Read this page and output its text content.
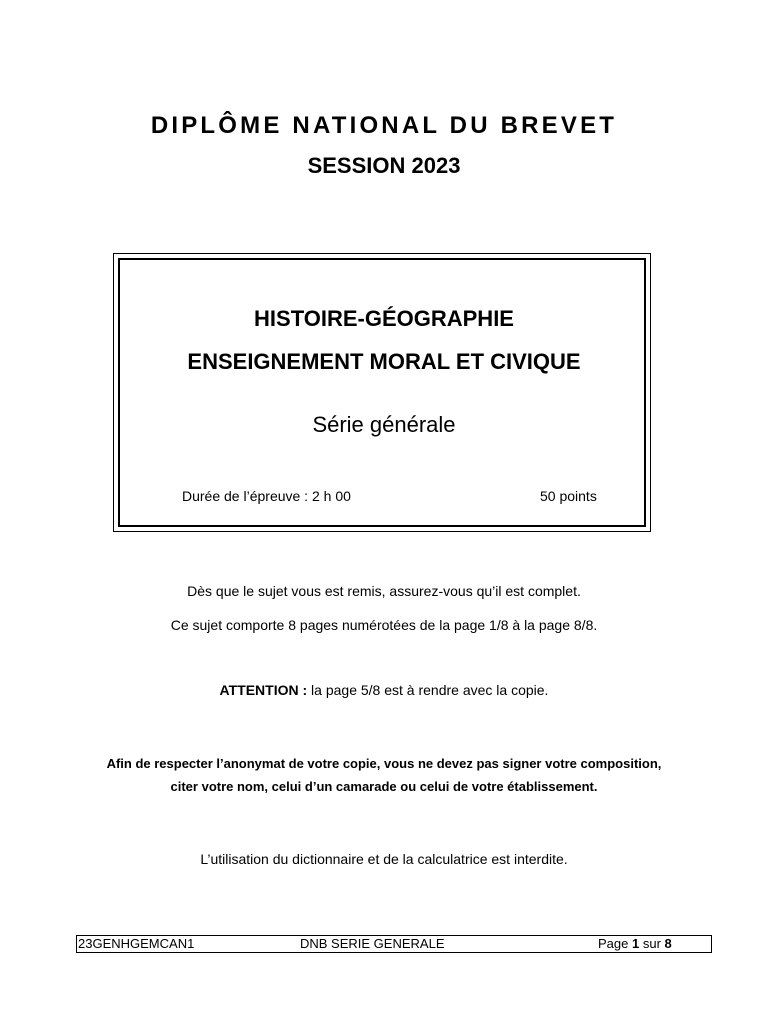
DIPLÔME NATIONAL DU BREVET
SESSION 2023
HISTOIRE-GÉOGRAPHIE
ENSEIGNEMENT MORAL ET CIVIQUE
Série générale
Durée de l’épreuve : 2 h 00	50 points
Dès que le sujet vous est remis, assurez-vous qu’il est complet.
Ce sujet comporte 8 pages numérotées de la page 1/8 à la page 8/8.
ATTENTION : la page 5/8 est à rendre avec la copie.
Afin de respecter l’anonymat de votre copie, vous ne devez pas signer votre composition,
citer votre nom, celui d’un camarade ou celui de votre établissement.
L’utilisation du dictionnaire et de la calculatrice est interdite.
23GENHGEMCAN1	DNB SERIE GENERALE	Page 1 sur 8
